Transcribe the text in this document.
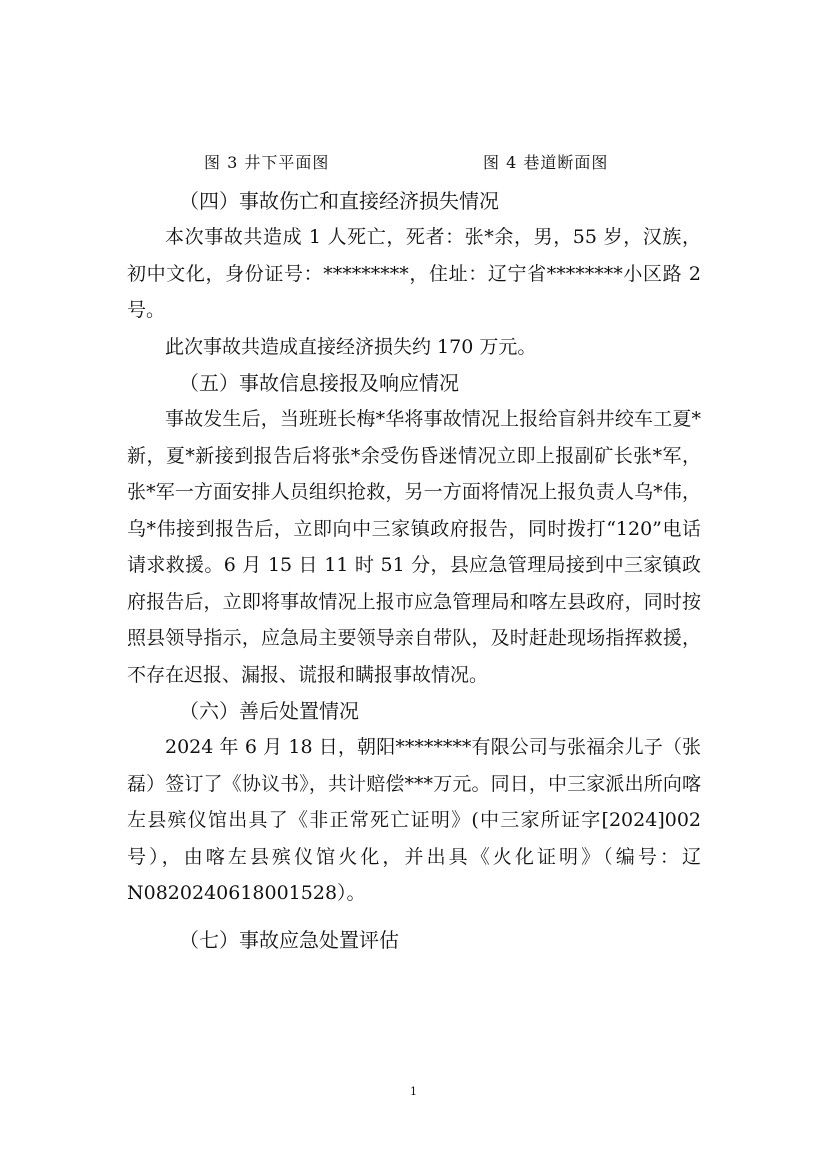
图 3 井下平面图	图 4 巷道断面图
（四）事故伤亡和直接经济损失情况

本次事故共造成 1 人死亡，死者：张*余，男，55 岁，汉族，初中文化，身份证号：*********，住址：辽宁省********小区路 2 号。

此次事故共造成直接经济损失约 170 万元。

（五）事故信息接报及响应情况

事故发生后，当班班长梅*华将事故情况上报给盲斜井绞车工夏*新，夏*新接到报告后将张*余受伤昏迷情况立即上报副矿长张*军，张*军一方面安排人员组织抢救，另一方面将情况上报负责人乌*伟，乌*伟接到报告后，立即向中三家镇政府报告，同时拨打“120”电话请求救援。6 月 15 日 11 时 51 分，县应急管理局接到中三家镇政府报告后，立即将事故情况上报市应急管理局和喀左县政府，同时按照县领导指示，应急局主要领导亲自带队，及时赶赴现场指挥救援，不存在迟报、漏报、谎报和瞒报事故情况。

（六）善后处置情况

2024 年 6 月 18 日，朝阳********有限公司与张福余儿子（张磊）签订了《协议书》，共计赔偿***万元。同日，中三家派出所向喀左县殡仪馆出具了《非正常死亡证明》(中三家所证字[2024]002 号），由喀左县殡仪馆火化，并出具《火化证明》（编号：辽 N0820240618001528）。

（七）事故应急处置评估
1
